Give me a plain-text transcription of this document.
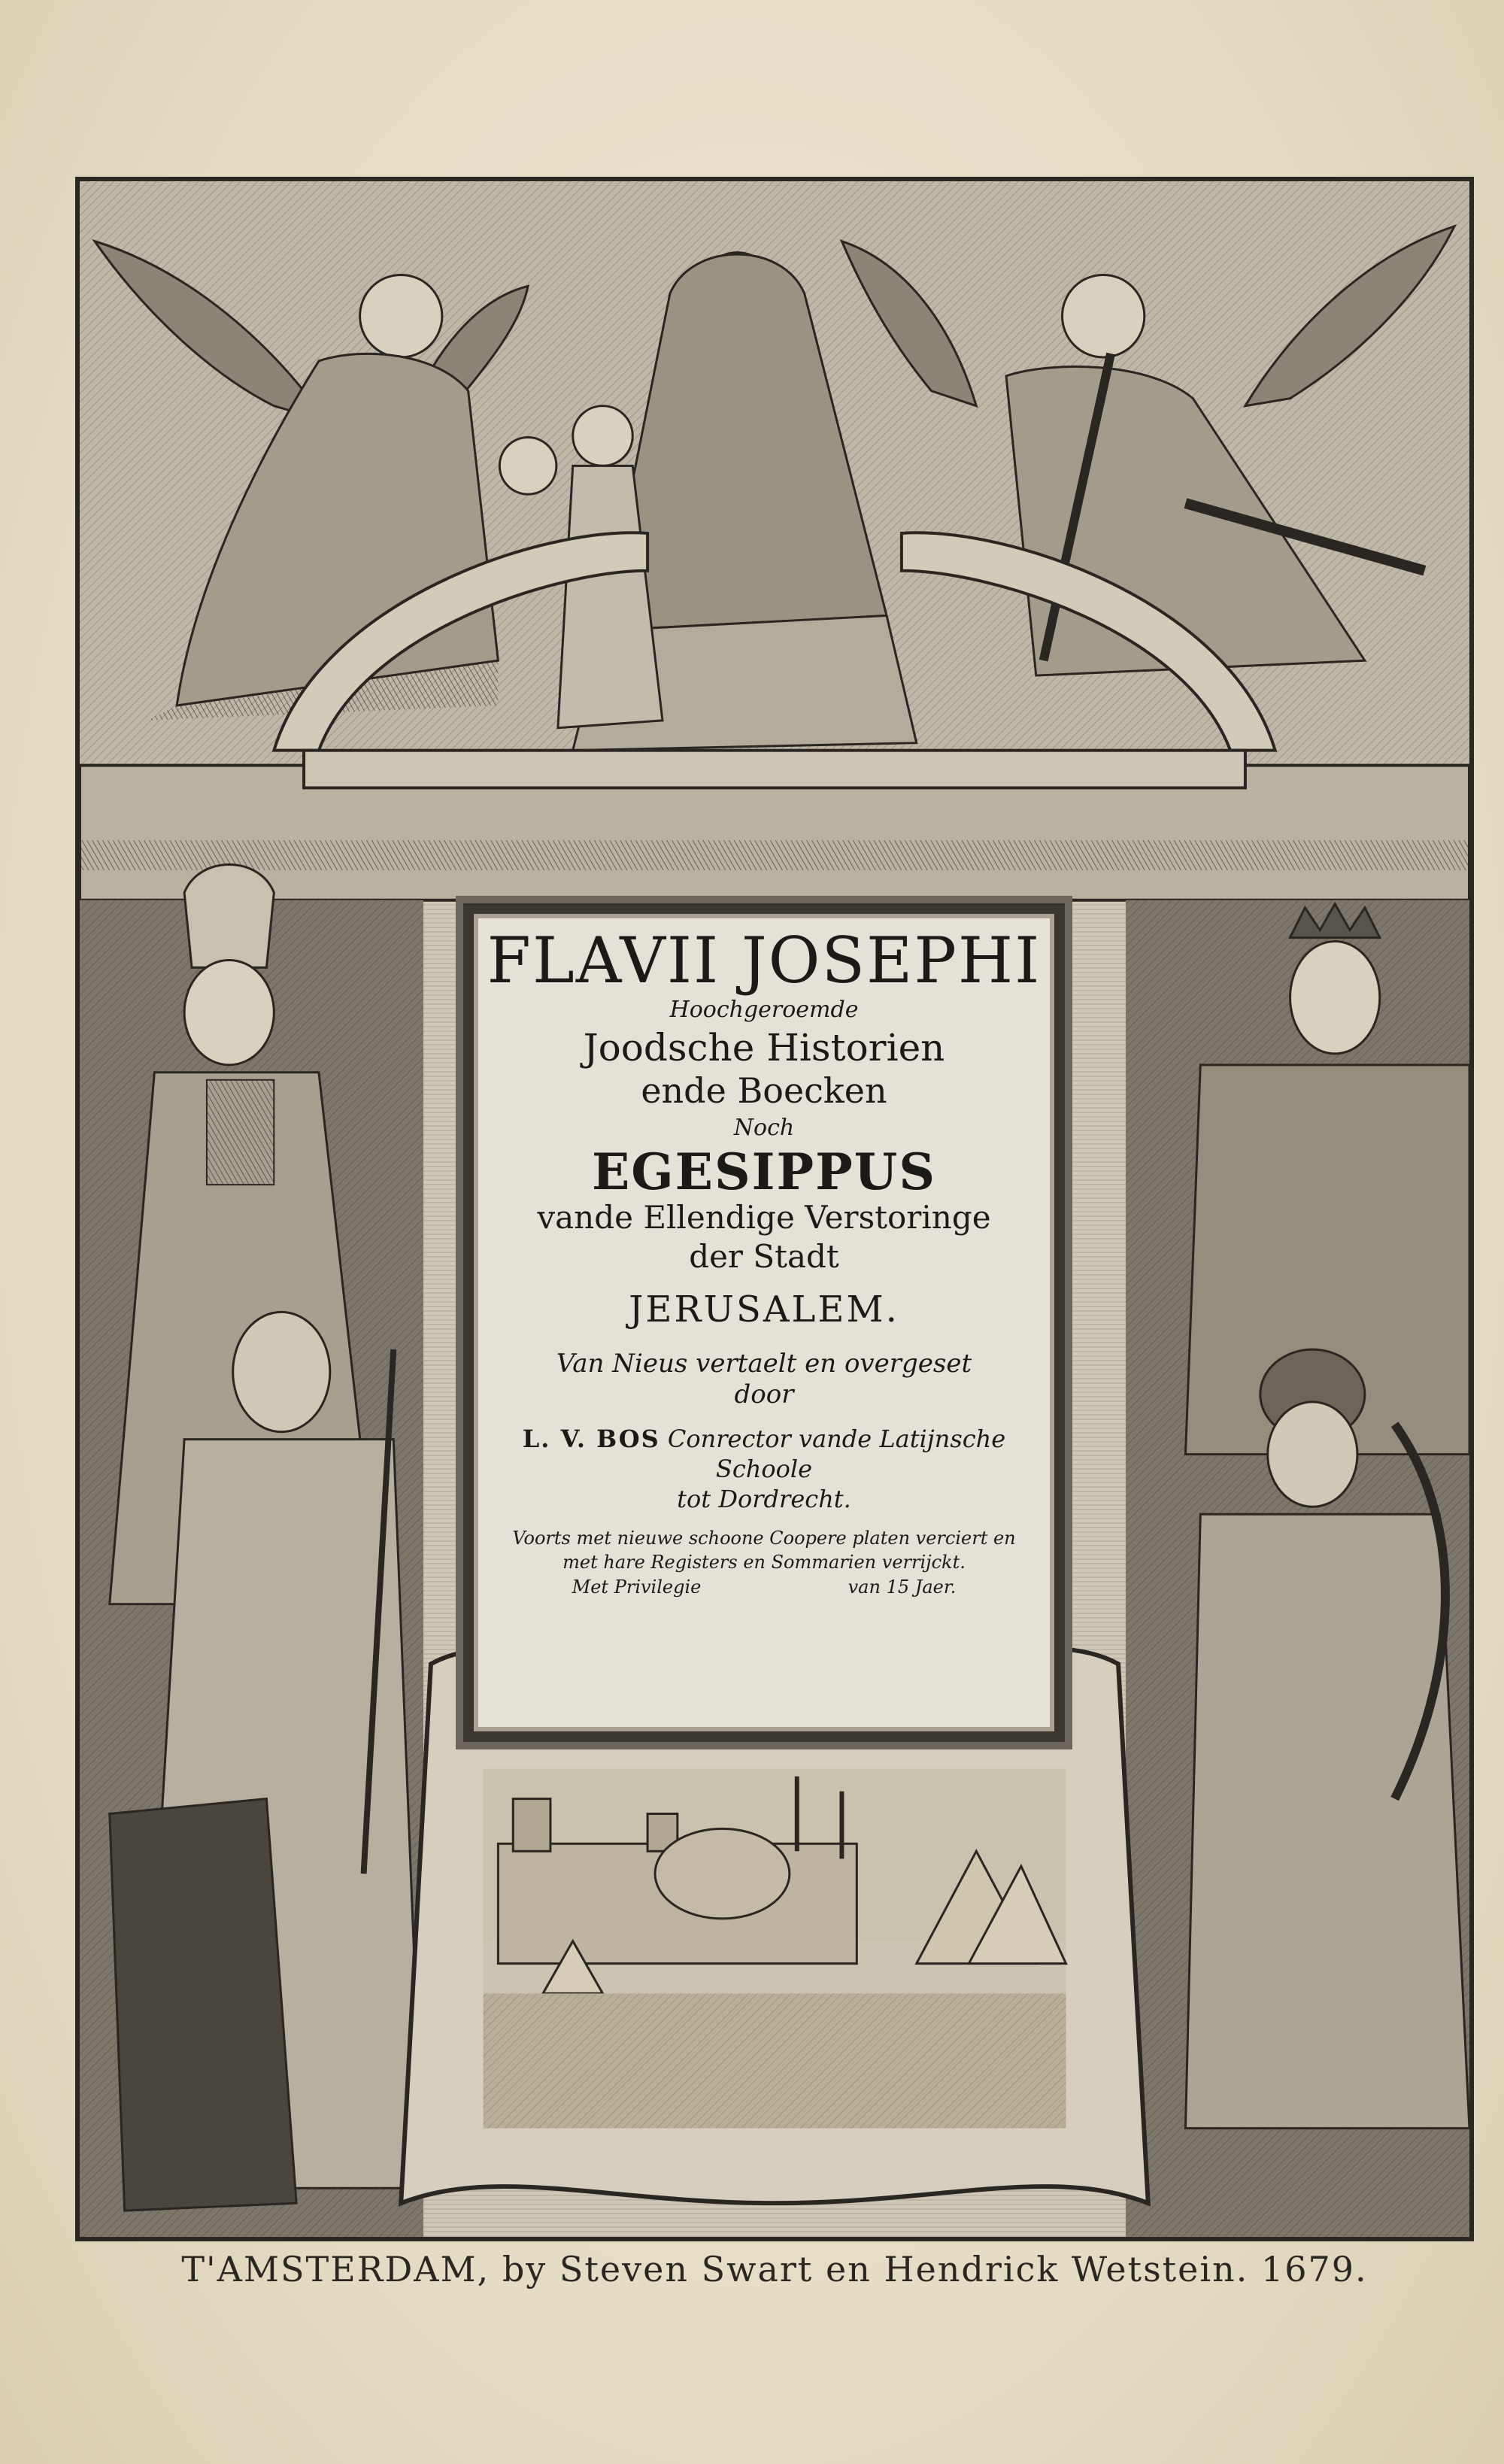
FLAVII JOSEPHI
Hoochgeroemde
Joodsche Historien
ende Boecken
Noch
EGESIPPUS
vande Ellendige Verstoringe
der Stadt
JERUSALEM.
Van Nieus vertaelt en overgeset
door
L. V. BOS Conrector vande Latijnsche Schoole
tot Dordrecht.
Voorts met nieuwe schoone Coopere platen verciert en
met hare Registers en Sommarien verrijckt.
Met Privilegie	van 15 Jaer.
T'AMSTERDAM, by Steven Swart en Hendrick Wetstein. 1679.
